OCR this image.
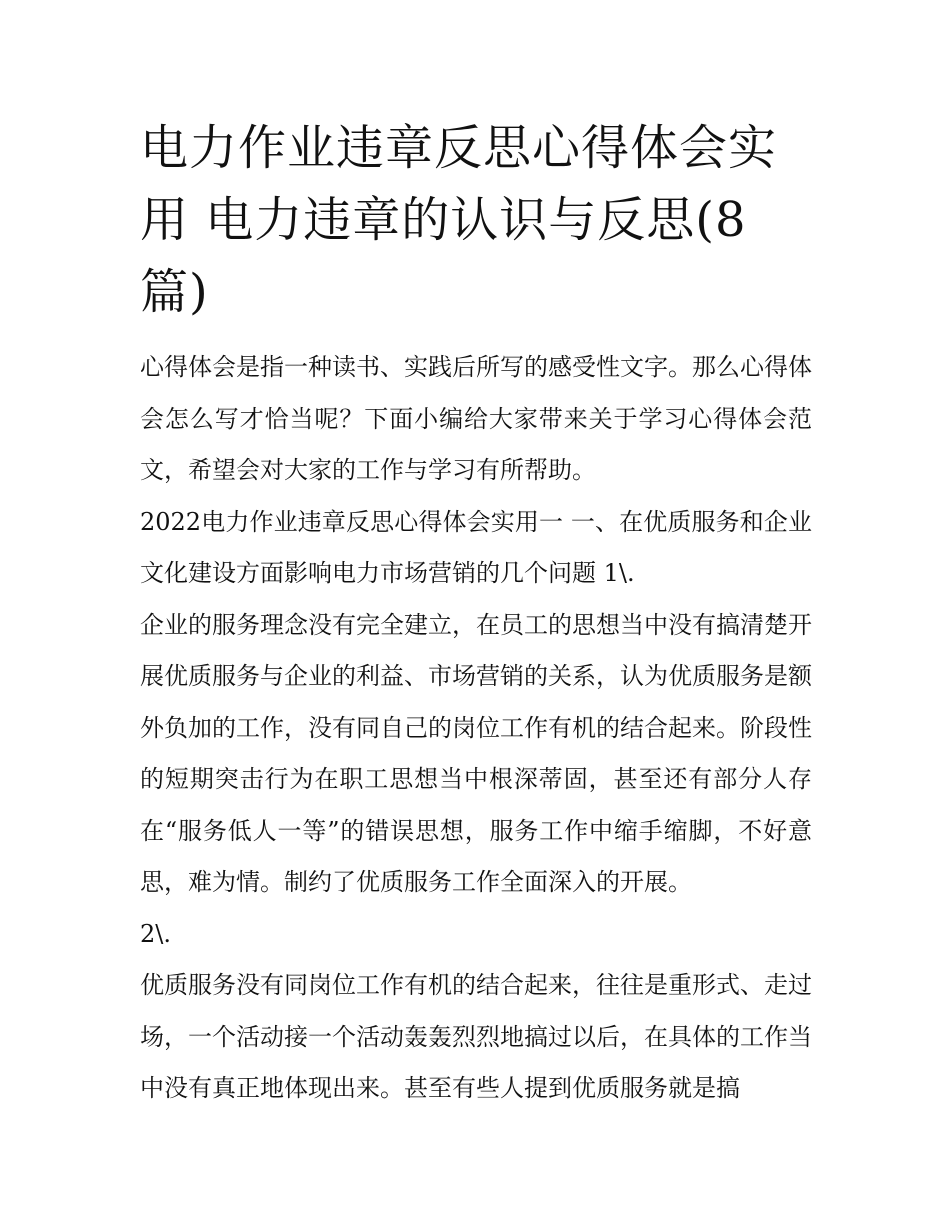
电力作业违章反思心得体会实用 电力违章的认识与反思(8篇)

心得体会是指一种读书、实践后所写的感受性文字。那么心得体会怎么写才恰当呢？下面小编给大家带来关于学习心得体会范文，希望会对大家的工作与学习有所帮助。

2022电力作业违章反思心得体会实用一 一、在优质服务和企业文化建设方面影响电力市场营销的几个问题 1\.

企业的服务理念没有完全建立，在员工的思想当中没有搞清楚开展优质服务与企业的利益、市场营销的关系，认为优质服务是额外负加的工作，没有同自己的岗位工作有机的结合起来。阶段性的短期突击行为在职工思想当中根深蒂固，甚至还有部分人存在“服务低人一等”的错误思想，服务工作中缩手缩脚，不好意思，难为情。制约了优质服务工作全面深入的开展。

2\.

优质服务没有同岗位工作有机的结合起来，往往是重形式、走过场，一个活动接一个活动轰轰烈烈地搞过以后，在具体的工作当中没有真正地体现出来。甚至有些人提到优质服务就是搞
